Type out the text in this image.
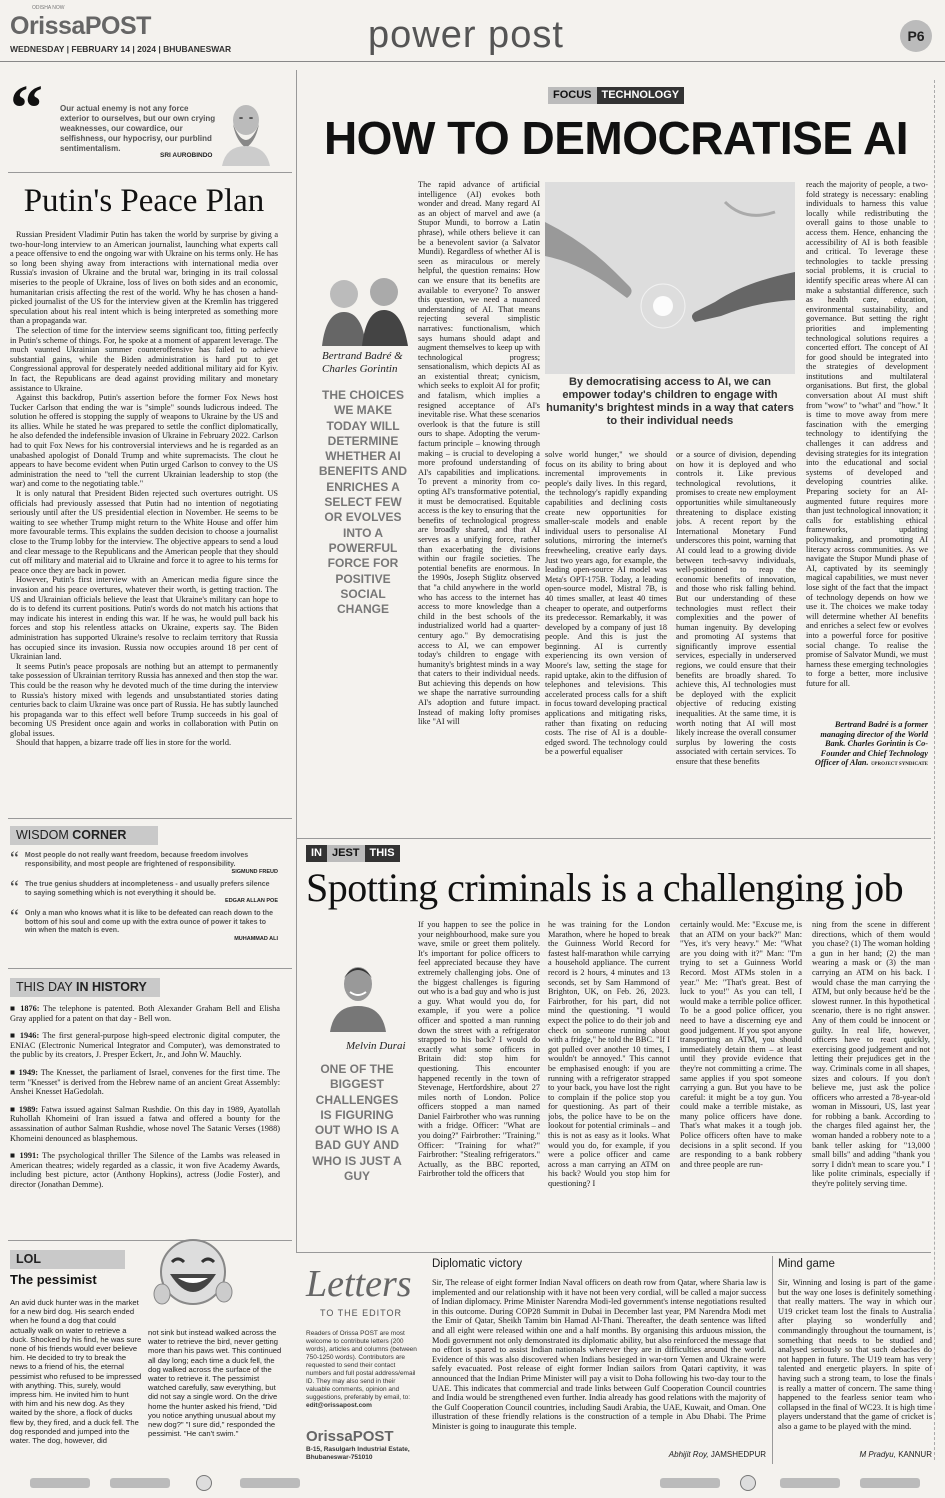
ODISHA NOW
OrissaPOST
WEDNESDAY | FEBRUARY 14 | 2024 | BHUBANESWAR	power post	P6
“ Our actual enemy is not any force exterior to ourselves, but our own crying weaknesses, our cowardice, our selfishness, our hypocrisy, our purblind sentimentalism.
SRI AUROBINDO
Putin's Peace Plan

Russian President Vladimir Putin has taken the world by surprise by giving a two-hour-long interview to an American journalist, launching what experts call a peace offensive to end the ongoing war with Ukraine on his terms only. He has so long been shying away from interactions with international media over Russia's invasion of Ukraine and the brutal war, bringing in its trail colossal miseries to the people of Ukraine, loss of lives on both sides and an economic, humanitarian crisis affecting the rest of the world. Why he has chosen a hand-picked journalist of the US for the interview given at the Kremlin has triggered speculation about his real intent which is being interpreted as something more than a propaganda war.

The selection of time for the interview seems significant too, fitting perfectly in Putin's scheme of things. For, he spoke at a moment of apparent leverage. The much vaunted Ukrainian summer counteroffensive has failed to achieve substantial gains, while the Biden administration is hard put to get Congressional approval for desperately needed additional military aid for Kyiv. In fact, the Republicans are dead against providing military and monetary assistance to Ukraine.

Against this backdrop, Putin's assertion before the former Fox News host Tucker Carlson that ending the war is "simple" sounds ludicrous indeed. The solution he offered is stopping the supply of weapons to Ukraine by the US and its allies. While he stated he was prepared to settle the conflict diplomatically, he also defended the indefensible invasion of Ukraine in February 2022. Carlson had to quit Fox News for his controversial interviews and he is regarded as an unabashed apologist of Donald Trump and white supremacists. The clout he appears to have become evident when Putin urged Carlson to convey to the US administration the need to "tell the current Ukrainian leadership to stop (the war) and come to the negotiating table."

It is only natural that President Biden rejected such overtures outright. US officials had previously assessed that Putin had no intention of negotiating seriously until after the US presidential election in November. He seems to be waiting to see whether Trump might return to the White House and offer him more favourable terms. This explains the sudden decision to choose a journalist close to the Trump lobby for the interview. The objective appears to send a loud and clear message to the Republicans and the American people that they should cut off military and material aid to Ukraine and force it to agree to his terms for peace once they are back in power.

However, Putin's first interview with an American media figure since the invasion and his peace overtures, whatever their worth, is getting traction. The US and Ukrainian officials believe the least that Ukraine's military can hope to do is to defend its current positions. Putin's words do not match his actions that may indicate his interest in ending this war. If he was, he would pull back his forces and stop his relentless attacks on Ukraine, experts say. The Biden administration has supported Ukraine's resolve to reclaim territory that Russia has occupied since its invasion. Russia now occupies around 18 per cent of Ukrainian land.

It seems Putin's peace proposals are nothing but an attempt to permanently take possession of Ukrainian territory Russia has annexed and then stop the war. This could be the reason why he devoted much of the time during the interview to Russia's history mixed with legends and unsubstantiated stories dating centuries back to claim Ukraine was once part of Russia. He has subtly launched his propaganda war to this effect well before Trump succeeds in his goal of becoming US President once again and works in collaboration with Putin on global issues.

Should that happen, a bizarre trade off lies in store for the world.

WISDOM CORNER
“ Most people do not really want freedom, because freedom involves responsibility, and most people are frightened of responsibility.
SIGMUND FREUD
“ The true genius shudders at incompleteness - and usually prefers silence to saying something which is not everything it should be.
EDGAR ALLAN POE
“ Only a man who knows what it is like to be defeated can reach down to the bottom of his soul and come up with the extra ounce of power it takes to win when the match is even.
MUHAMMAD ALI
THIS DAY IN HISTORY
■ 1876: The telephone is patented. Both Alexander Graham Bell and Elisha Gray applied for a patent on that day - Bell won.
■ 1946: The first general-purpose high-speed electronic digital computer, the ENIAC (Electronic Numerical Integrator and Computer), was demonstrated to the public by its creators, J. Presper Eckert, Jr., and John W. Mauchly.
■ 1949: The Knesset, the parliament of Israel, convenes for the first time. The term "Knesset" is derived from the Hebrew name of an ancient Great Assembly: Anshei Knesset HaGedolah.
■ 1989: Fatwa issued against Salman Rushdie. On this day in 1989, Ayatollah Ruhollah Khomeini of Iran issued a fatwa and offered a bounty for the assassination of author Salman Rushdie, whose novel The Satanic Verses (1988) Khomeini denounced as blasphemous.
■ 1991: The psychological thriller The Silence of the Lambs was released in American theatres; widely regarded as a classic, it won five Academy Awards, including best picture, actor (Anthony Hopkins), actress (Jodie Foster), and director (Jonathan Demme).
LOL
The pessimist
An avid duck hunter was in the market for a new bird dog. His search ended when he found a dog that could actually walk on water to retrieve a duck. Shocked by his find, he was sure none of his friends would ever believe him. He decided to try to break the news to a friend of his, the eternal pessimist who refused to be impressed with anything. This, surely, would impress him. He invited him to hunt with him and his new dog. As they waited by the shore, a flock of ducks flew by, they fired, and a duck fell. The dog responded and jumped into the water. The dog, however, did
not sink but instead walked across the water to retrieve the bird, never getting more than his paws wet. This continued all day long; each time a duck fell, the dog walked across the surface of the water to retrieve it. The pessimist watched carefully, saw everything, but did not say a single word. On the drive home the hunter asked his friend, "Did you notice anything unusual about my new dog?" "I sure did," responded the pessimist. "He can't swim."
FOCUSTECHNOLOGY
HOW TO DEMOCRATISE AI
Bertrand Badré & Charles Gorintin
THE CHOICES WE MAKE TODAY WILL DETERMINE WHETHER AI BENEFITS AND ENRICHES A SELECT FEW OR EVOLVES INTO A POWERFUL FORCE FOR POSITIVE SOCIAL CHANGE
The rapid advance of artificial intelligence (AI) evokes both wonder and dread. Many regard AI as an object of marvel and awe (a Stupor Mundi, to borrow a Latin phrase), while others believe it can be a benevolent savior (a Salvator Mundi). Regardless of whether AI is seen as miraculous or merely helpful, the question remains: How can we ensure that its benefits are available to everyone? To answer this question, we need a nuanced understanding of AI. That means rejecting several simplistic narratives: functionalism, which says humans should adapt and augment themselves to keep up with technological progress; sensationalism, which depicts AI as an existential threat; cynicism, which seeks to exploit AI for profit; and fatalism, which implies a resigned acceptance of AI's inevitable rise. What these scenarios overlook is that the future is still ours to shape. Adopting the verum-factum principle – knowing through making – is crucial to developing a more profound understanding of AI's capabilities and implications. To prevent a minority from co-opting AI's transformative potential, it must be democratised. Equitable access is the key to ensuring that the benefits of technological progress are broadly shared, and that AI serves as a unifying force, rather than exacerbating the divisions within our fragile societies. The potential benefits are enormous. In the 1990s, Joseph Stiglitz observed that "a child anywhere in the world who has access to the internet has access to more knowledge than a child in the best schools of the industrialized world had a quarter-century ago." By democratising access to AI, we can empower today's children to engage with humanity's brightest minds in a way that caters to their individual needs. But achieving this depends on how we shape the narrative surrounding AI's adoption and future impact. Instead of making lofty promises like "AI will
By democratising access to AI, we can empower today's children to engage with humanity's brightest minds in a way that caters to their individual needs
solve world hunger," we should focus on its ability to bring about incremental improvements in people's daily lives. In this regard, the technology's rapidly expanding capabilities and declining costs create new opportunities for smaller-scale models and enable individual users to personalise AI solutions, mirroring the internet's freewheeling, creative early days. Just two years ago, for example, the leading open-source AI model was Meta's OPT-175B. Today, a leading open-source model, Mistral 7B, is 40 times smaller, at least 40 times cheaper to operate, and outperforms its predecessor. Remarkably, it was developed by a company of just 18 people. And this is just the beginning. AI is currently experiencing its own version of Moore's law, setting the stage for rapid uptake, akin to the diffusion of telephones and televisions. This accelerated process calls for a shift in focus toward developing practical applications and mitigating risks, rather than fixating on reducing costs. The rise of AI is a double-edged sword. The technology could be a powerful equaliser
or a source of division, depending on how it is deployed and who controls it. Like previous technological revolutions, it promises to create new employment opportunities while simultaneously threatening to displace existing jobs. A recent report by the International Monetary Fund underscores this point, warning that AI could lead to a growing divide between tech-savvy individuals, well-positioned to reap the economic benefits of innovation, and those who risk falling behind. But our understanding of these technologies must reflect their complexities and the power of human ingenuity. By developing and promoting AI systems that significantly improve essential services, especially in underserved regions, we could ensure that their benefits are broadly shared. To achieve this, AI technologies must be deployed with the explicit objective of reducing existing inequalities. At the same time, it is worth noting that AI will most likely increase the overall consumer surplus by lowering the costs associated with certain services. To ensure that these benefits
reach the majority of people, a two-fold strategy is necessary: enabling individuals to harness this value locally while redistributing the overall gains to those unable to access them. Hence, enhancing the accessibility of AI is both feasible and critical. To leverage these technologies to tackle pressing social problems, it is crucial to identify specific areas where AI can make a substantial difference, such as health care, education, environmental sustainability, and governance. But setting the right priorities and implementing technological solutions requires a concerted effort. The concept of AI for good should be integrated into the strategies of development institutions and multilateral organisations. But first, the global conversation about AI must shift from "wow" to "what" and "how." It is time to move away from mere fascination with the emerging technology to identifying the challenges it can address and devising strategies for its integration into the educational and social systems of developed and developing countries alike. Preparing society for an AI-augmented future requires more than just technological innovation; it calls for establishing ethical frameworks, updating policymaking, and promoting AI literacy across communities. As we navigate the Stupor Mundi phase of AI, captivated by its seemingly magical capabilities, we must never lose sight of the fact that the impact of technology depends on how we use it. The choices we make today will determine whether AI benefits and enriches a select few or evolves into a powerful force for positive social change. To realise the promise of Salvator Mundi, we must harness these emerging technologies to forge a better, more inclusive future for all.
Bertrand Badré is a former managing director of the World Bank. Charles Gorintin is Co-Founder and Chief Technology Officer of Alan. ©PROJECT SYNDICATE
INJESTTHIS
Spotting criminals is a challenging job
Melvin Durai
ONE OF THE BIGGEST CHALLENGES IS FIGURING OUT WHO IS A BAD GUY AND WHO IS JUST A GUY
If you happen to see the police in your neighbourhood, make sure you wave, smile or greet them politely. It's important for police officers to feel appreciated because they have extremely challenging jobs. One of the biggest challenges is figuring out who is a bad guy and who is just a guy. What would you do, for example, if you were a police officer and spotted a man running down the street with a refrigerator strapped to his back? I would do exactly what some officers in Britain did: stop him for questioning. This encounter happened recently in the town of Stevenage, Hertfordshire, about 27 miles north of London. Police officers stopped a man named Daniel Fairbrother who was running with a fridge. Officer: "What are you doing?" Fairbrother: "Training." Officer: "Training for what?" Fairbrother: "Stealing refrigerators." Actually, as the BBC reported, Fairbrother told the officers that
he was training for the London Marathon, where he hoped to break the Guinness World Record for fastest half-marathon while carrying a household appliance. The current record is 2 hours, 4 minutes and 13 seconds, set by Sam Hammond of Brighton, UK, on Feb. 26, 2023. Fairbrother, for his part, did not mind the questioning. "I would expect the police to do their job and check on someone running about with a fridge," he told the BBC. "If I got pulled over another 10 times, I wouldn't be annoyed." This cannot be emphasised enough: if you are running with a refrigerator strapped to your back, you have lost the right to complain if the police stop you for questioning. As part of their jobs, the police have to be on the lookout for potential criminals – and this is not as easy as it looks. What would you do, for example, if you were a police officer and came across a man carrying an ATM on his back? Would you stop him for questioning? I
certainly would. Me: "Excuse me, is that an ATM on your back?" Man: "Yes, it's very heavy." Me: "What are you doing with it?" Man: "I'm trying to set a Guinness World Record. Most ATMs stolen in a year." Me: "That's great. Best of luck to you!" As you can tell, I would make a terrible police officer. To be a good police officer, you need to have a discerning eye and good judgement. If you spot anyone transporting an ATM, you should immediately detain them – at least until they provide evidence that they're not committing a crime. The same applies if you spot someone carrying a gun. But you have to be careful: it might be a toy gun. You could make a terrible mistake, as many police officers have done. That's what makes it a tough job. Police officers often have to make decisions in a split second. If you are responding to a bank robbery and three people are run-
ning from the scene in different directions, which of them would you chase? (1) The woman holding a gun in her hand; (2) the man wearing a mask or (3) the man carrying an ATM on his back. I would chase the man carrying the ATM, but only because he'd be the slowest runner. In this hypothetical scenario, there is no right answer. Any of them could be innocent or guilty. In real life, however, officers have to react quickly, exercising good judgement and not letting their prejudices get in the way. Criminals come in all shapes, sizes and colours. If you don't believe me, just ask the police officers who arrested a 78-year-old woman in Missouri, US, last year for robbing a bank. According to the charges filed against her, the woman handed a robbery note to a bank teller asking for "13,000 small bills" and adding "thank you sorry I didn't mean to scare you." I like polite criminals, especially if they're politely serving time.
Letters
TO THE EDITOR
Readers of Orissa POST are most welcome to contribute letters (200 words), articles and columns (between 750-1250 words). Contributors are requested to send their contact numbers and full postal address/email ID. They may also send in their valuable comments, opinion and suggestions, preferably by email, to: edit@orissapost.com
OrissaPOST
B-15, Rasulgarh Industrial Estate, Bhubaneswar-751010
Diplomatic victory
Sir, The release of eight former Indian Naval officers on death row from Qatar, where Sharia law is implemented and our relationship with it have not been very cordial, will be called a major success of Indian diplomacy. Prime Minister Narendra Modi-led government's intense negotiations resulted in this outcome. During COP28 Summit in Dubai in December last year, PM Narendra Modi met the Emir of Qatar, Sheikh Tamim bin Hamad Al-Thani. Thereafter, the death sentence was lifted and all eight were released within one and a half months. By organising this arduous mission, the Modi government not only demonstrated its diplomatic ability, but also reinforced the message that no effort is spared to assist Indian nationals wherever they are in difficulties around the world. Evidence of this was also discovered when Indians besieged in war-torn Yemen and Ukraine were safely evacuated. Post release of eight former Indian sailors from Qatari captivity, it was announced that the Indian Prime Minister will pay a visit to Doha following his two-day tour to the UAE. This indicates that commercial and trade links between Gulf Cooperation Council countries and India would be strengthened even further. India already has good relations with the majority of the Gulf Cooperation Council countries, including Saudi Arabia, the UAE, Kuwait, and Oman. One illustration of these friendly relations is the construction of a temple in Abu Dhabi. The Prime Minister is going to inaugurate this temple.
Abhijit Roy, JAMSHEDPUR
Mind game
Sir, Winning and losing is part of the game but the way one loses is definitely something that really matters. The way in which our U19 cricket team lost the finals to Australia after playing so wonderfully and commandingly throughout the tournament, is something that needs to be studied and analysed seriously so that such debacles do not happen in future. The U19 team has very talented and energetic players. In spite of having such a strong team, to lose the finals is really a matter of concern. The same thing happened to the fearless senior team who collapsed in the final of WC23. It is high time players understand that the game of cricket is also a game to be played with the mind.
M Pradyu, KANNUR
